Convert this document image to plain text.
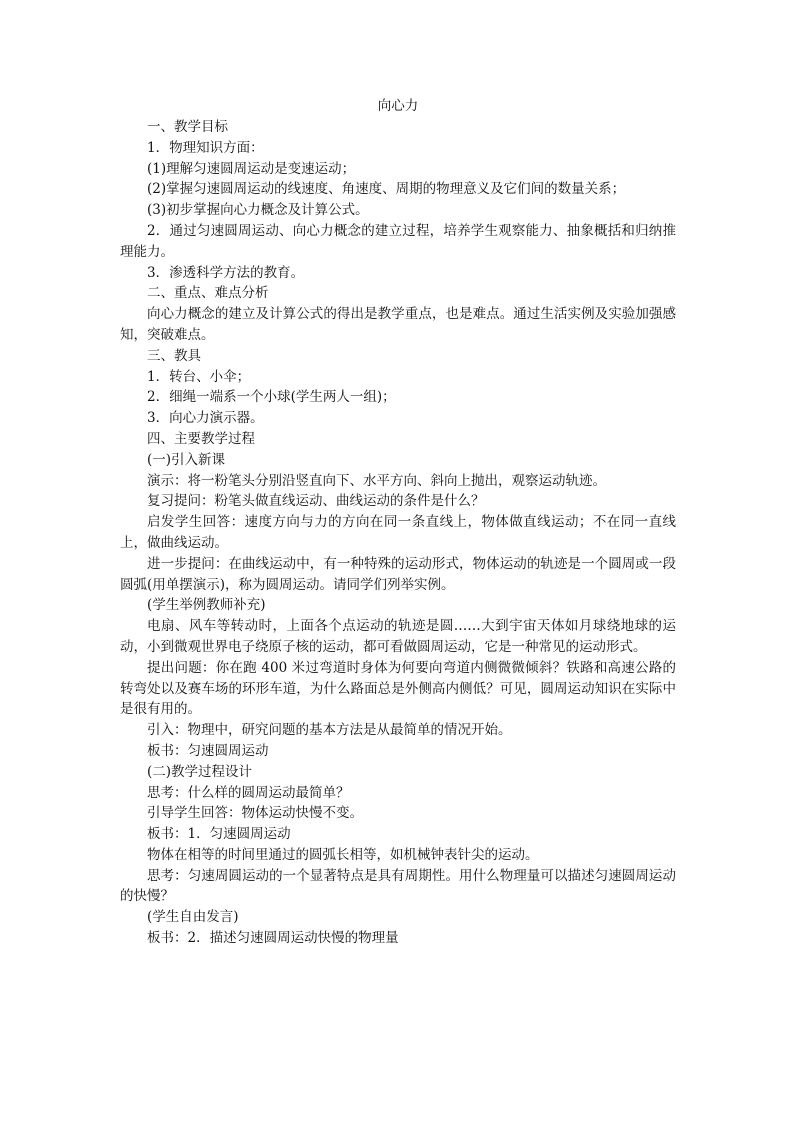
向心力

一、教学目标

1．物理知识方面：

(1)理解匀速圆周运动是变速运动；

(2)掌握匀速圆周运动的线速度、角速度、周期的物理意义及它们间的数量关系；

(3)初步掌握向心力概念及计算公式。

2．通过匀速圆周运动、向心力概念的建立过程，培养学生观察能力、抽象概括和归纳推理能力。

3．渗透科学方法的教育。

二、重点、难点分析

向心力概念的建立及计算公式的得出是教学重点，也是难点。通过生活实例及实验加强感知，突破难点。

三、教具

1．转台、小伞；

2．细绳一端系一个小球(学生两人一组)；

3．向心力演示器。

四、主要教学过程

(一)引入新课

演示：将一粉笔头分别沿竖直向下、水平方向、斜向上抛出，观察运动轨迹。

复习提问：粉笔头做直线运动、曲线运动的条件是什么？

启发学生回答：速度方向与力的方向在同一条直线上，物体做直线运动；不在同一直线上，做曲线运动。

进一步提问：在曲线运动中，有一种特殊的运动形式，物体运动的轨迹是一个圆周或一段圆弧(用单摆演示)，称为圆周运动。请同学们列举实例。

(学生举例教师补充)

电扇、风车等转动时，上面各个点运动的轨迹是圆……大到宇宙天体如月球绕地球的运动，小到微观世界电子绕原子核的运动，都可看做圆周运动，它是一种常见的运动形式。

提出问题：你在跑 400 米过弯道时身体为何要向弯道内侧微微倾斜？铁路和高速公路的转弯处以及赛车场的环形车道，为什么路面总是外侧高内侧低？可见，圆周运动知识在实际中是很有用的。

引入：物理中，研究问题的基本方法是从最简单的情况开始。

板书：匀速圆周运动

(二)教学过程设计

思考：什么样的圆周运动最简单？

引导学生回答：物体运动快慢不变。

板书：1．匀速圆周运动

物体在相等的时间里通过的圆弧长相等，如机械钟表针尖的运动。

思考：匀速周圆运动的一个显著特点是具有周期性。用什么物理量可以描述匀速圆周运动的快慢？

(学生自由发言)

板书：2．描述匀速圆周运动快慢的物理量
